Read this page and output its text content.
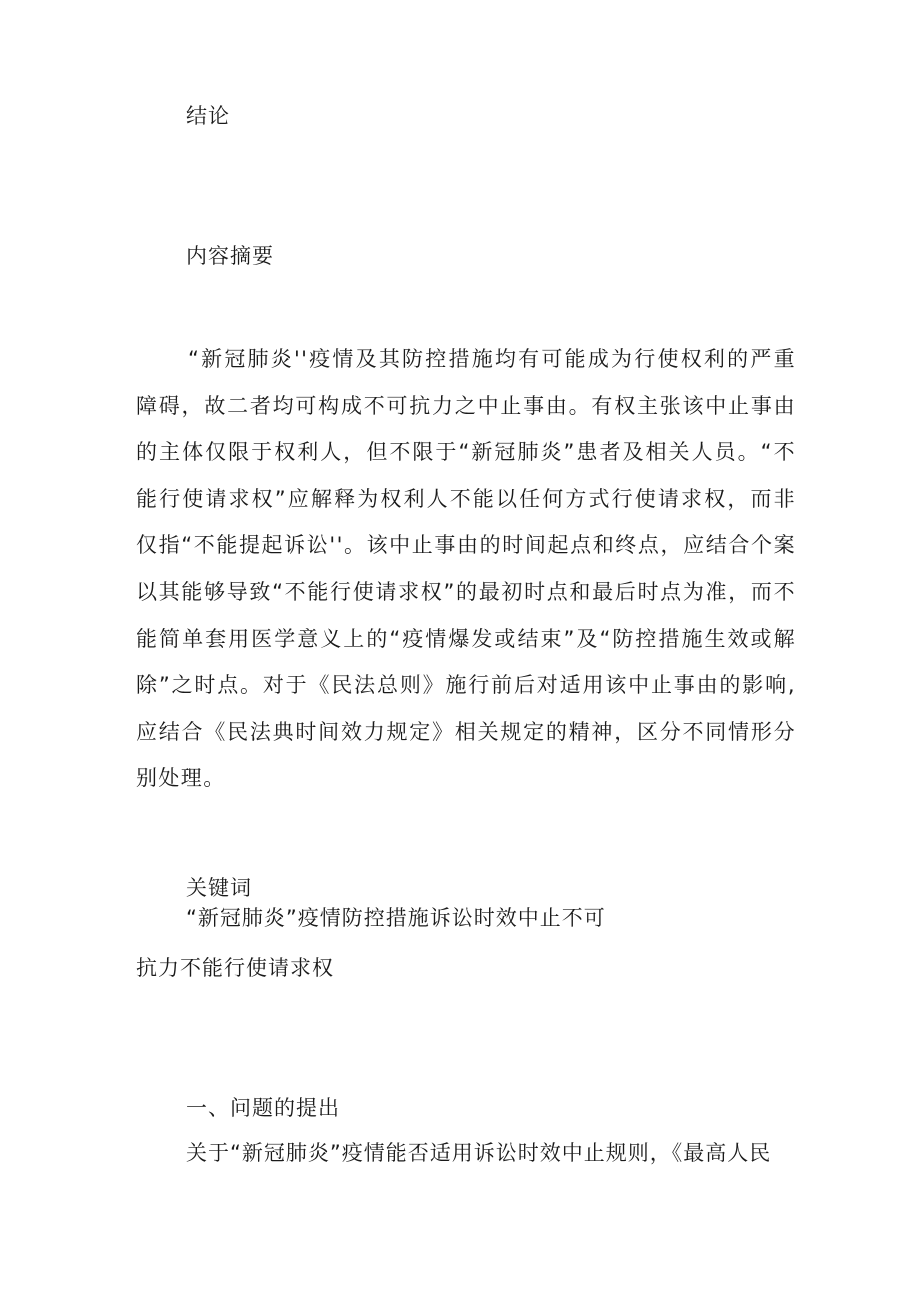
结论
内容摘要
“新冠肺炎''疫情及其防控措施均有可能成为行使权利的严重障碍，故二者均可构成不可抗力之中止事由。有权主张该中止事由的主体仅限于权利人，但不限于“新冠肺炎”患者及相关人员。“不能行使请求权”应解释为权利人不能以任何方式行使请求权，而非仅指“不能提起诉讼''。该中止事由的时间起点和终点，应结合个案以其能够导致“不能行使请求权”的最初时点和最后时点为准，而不能简单套用医学意义上的“疫情爆发或结束”及“防控措施生效或解除”之时点。对于《民法总则》施行前后对适用该中止事由的影响,应结合《民法典时间效力规定》相关规定的精神，区分不同情形分别处理。
关键词
“新冠肺炎”疫情防控措施诉讼时效中止不可
抗力不能行使请求权
一、问题的提出
关于“新冠肺炎”疫情能否适用诉讼时效中止规则，《最高人民
